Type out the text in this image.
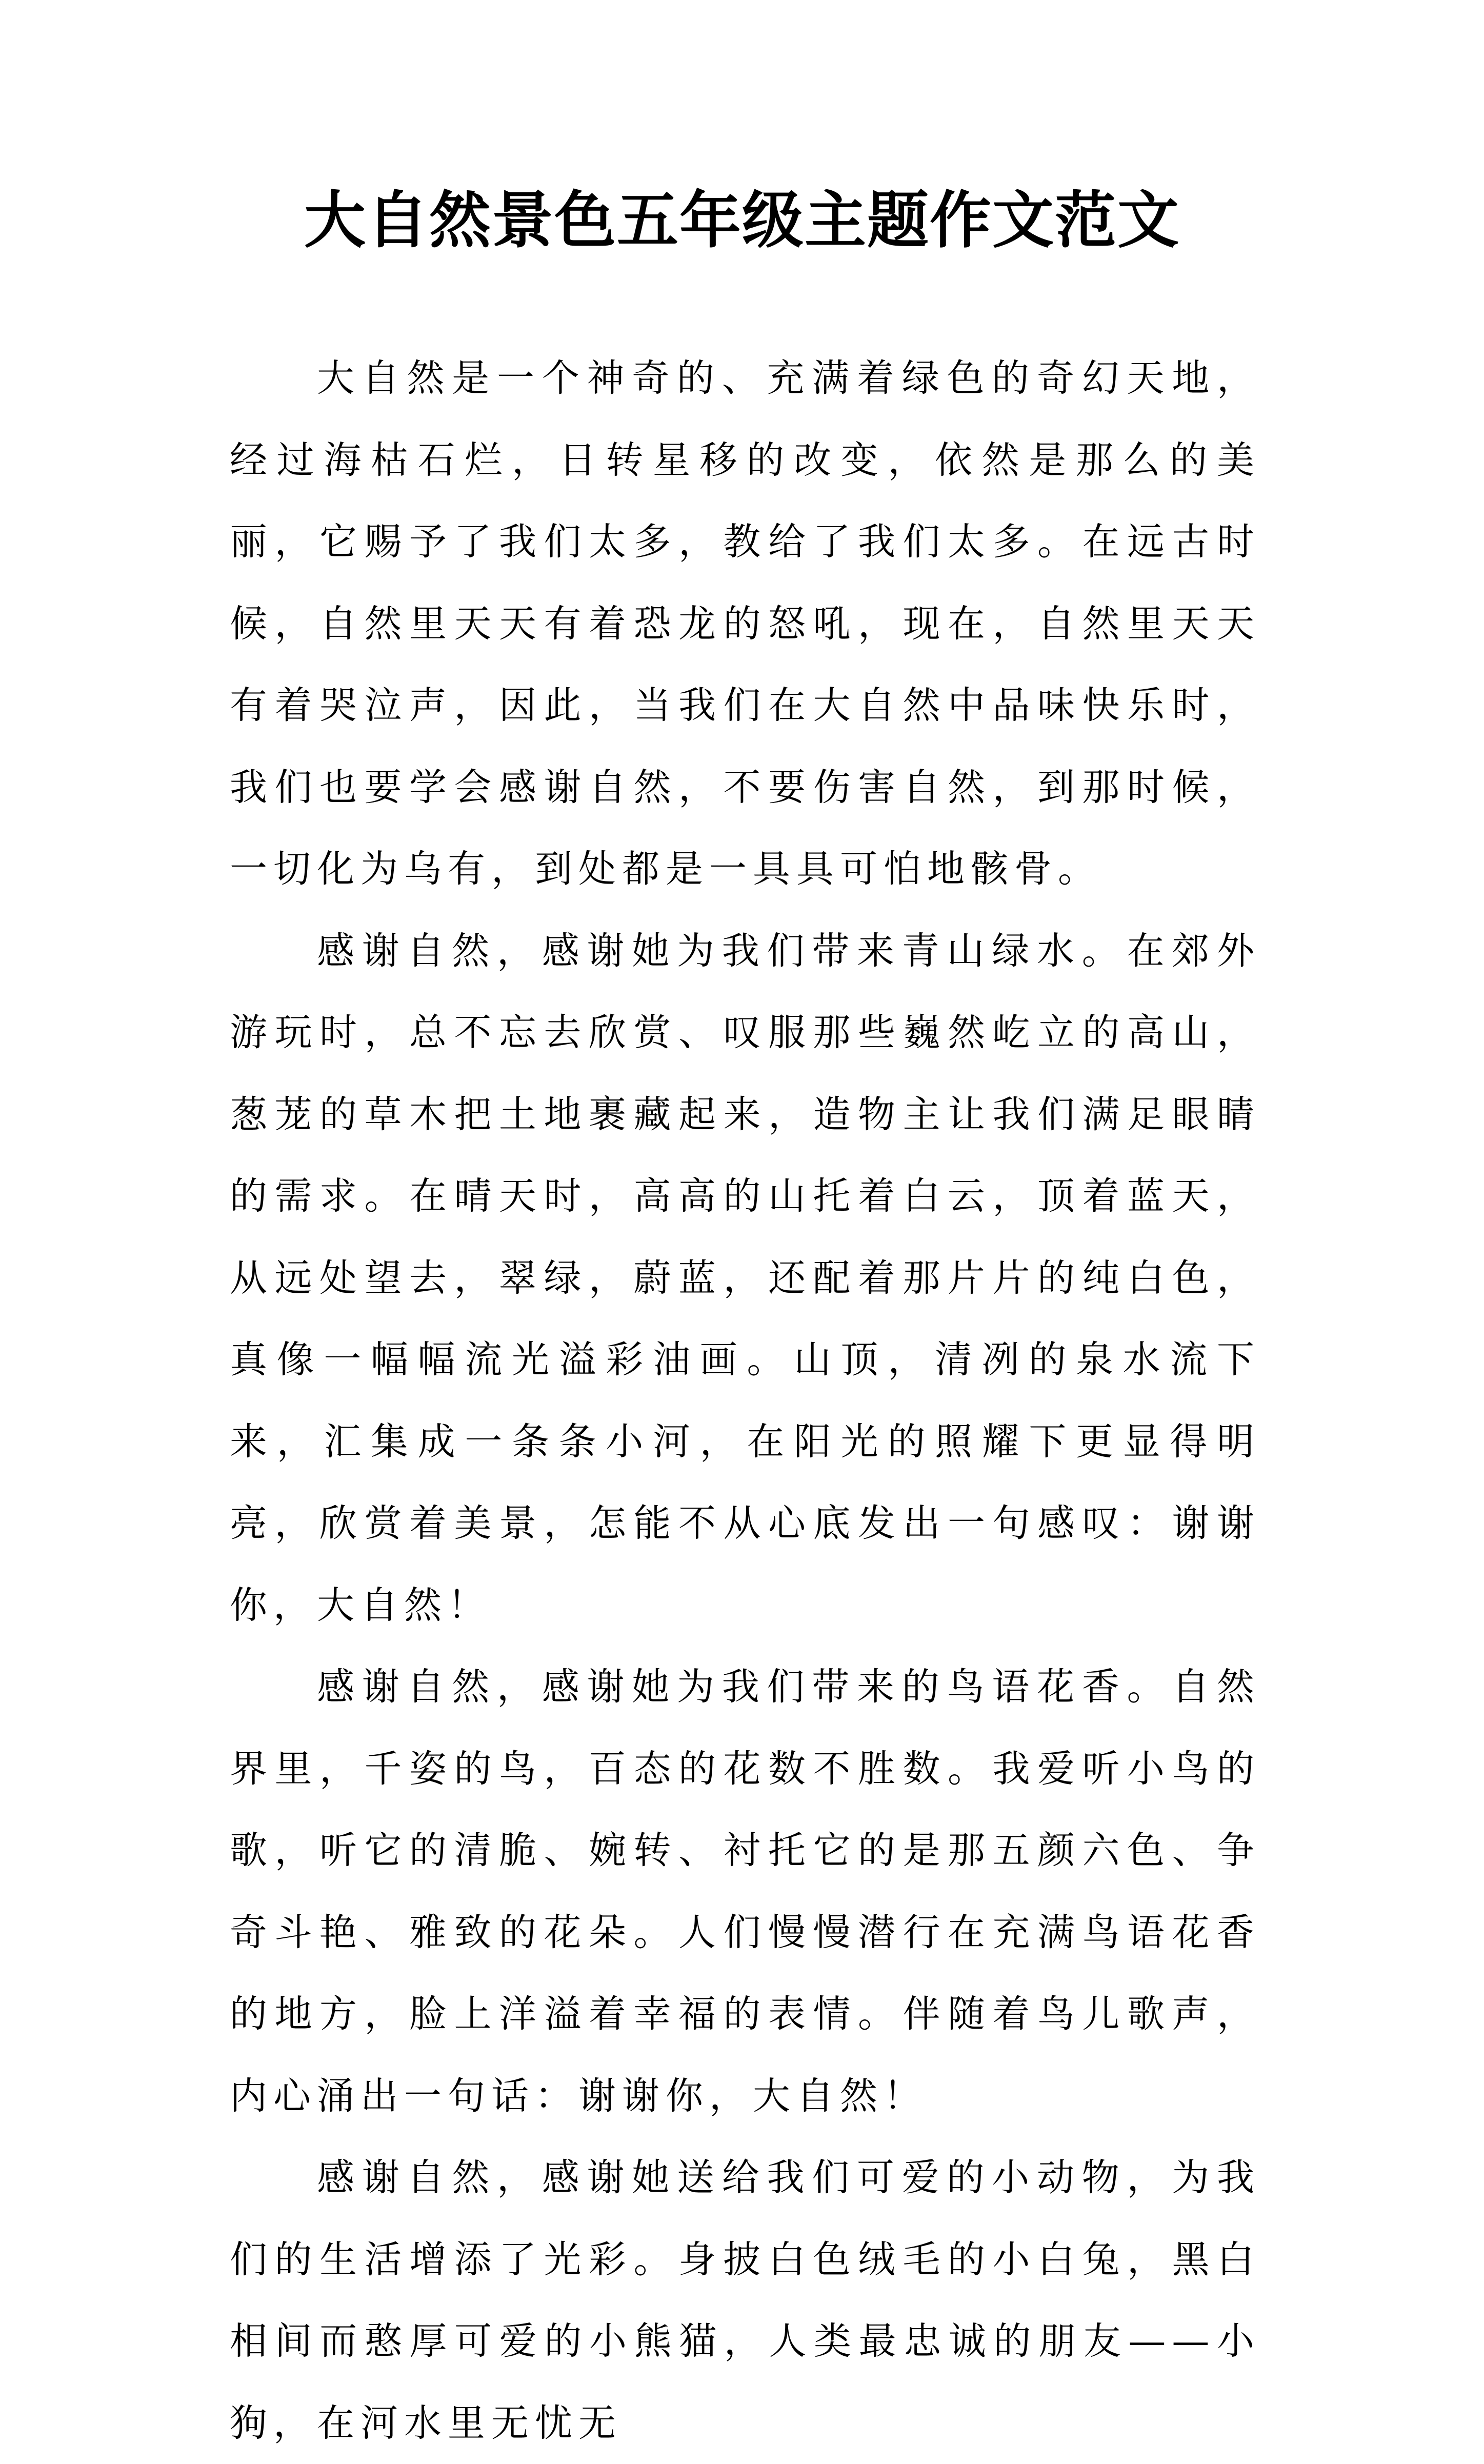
大自然景色五年级主题作文范文

大自然是一个神奇的、充满着绿色的奇幻天地，经过海枯石烂，日转星移的改变，依然是那么的美丽，它赐予了我们太多，教给了我们太多。在远古时候，自然里天天有着恐龙的怒吼，现在，自然里天天有着哭泣声，因此，当我们在大自然中品味快乐时，我们也要学会感谢自然，不要伤害自然，到那时候，一切化为乌有，到处都是一具具可怕地骸骨。

感谢自然，感谢她为我们带来青山绿水。在郊外游玩时，总不忘去欣赏、叹服那些巍然屹立的高山，葱茏的草木把土地裹藏起来，造物主让我们满足眼睛的需求。在晴天时，高高的山托着白云，顶着蓝天，从远处望去，翠绿，蔚蓝，还配着那片片的纯白色，真像一幅幅流光溢彩油画。山顶，清冽的泉水流下来，汇集成一条条小河，在阳光的照耀下更显得明亮，欣赏着美景，怎能不从心底发出一句感叹：谢谢你，大自然！

感谢自然，感谢她为我们带来的鸟语花香。自然界里，千姿的鸟，百态的花数不胜数。我爱听小鸟的歌，听它的清脆、婉转、衬托它的是那五颜六色、争奇斗艳、雅致的花朵。人们慢慢潜行在充满鸟语花香的地方，脸上洋溢着幸福的表情。伴随着鸟儿歌声，内心涌出一句话：谢谢你，大自然！

感谢自然，感谢她送给我们可爱的小动物，为我们的生活增添了光彩。身披白色绒毛的小白兔，黑白相间而憨厚可爱的小熊猫，人类最忠诚的朋友——小狗，在河水里无忧无
